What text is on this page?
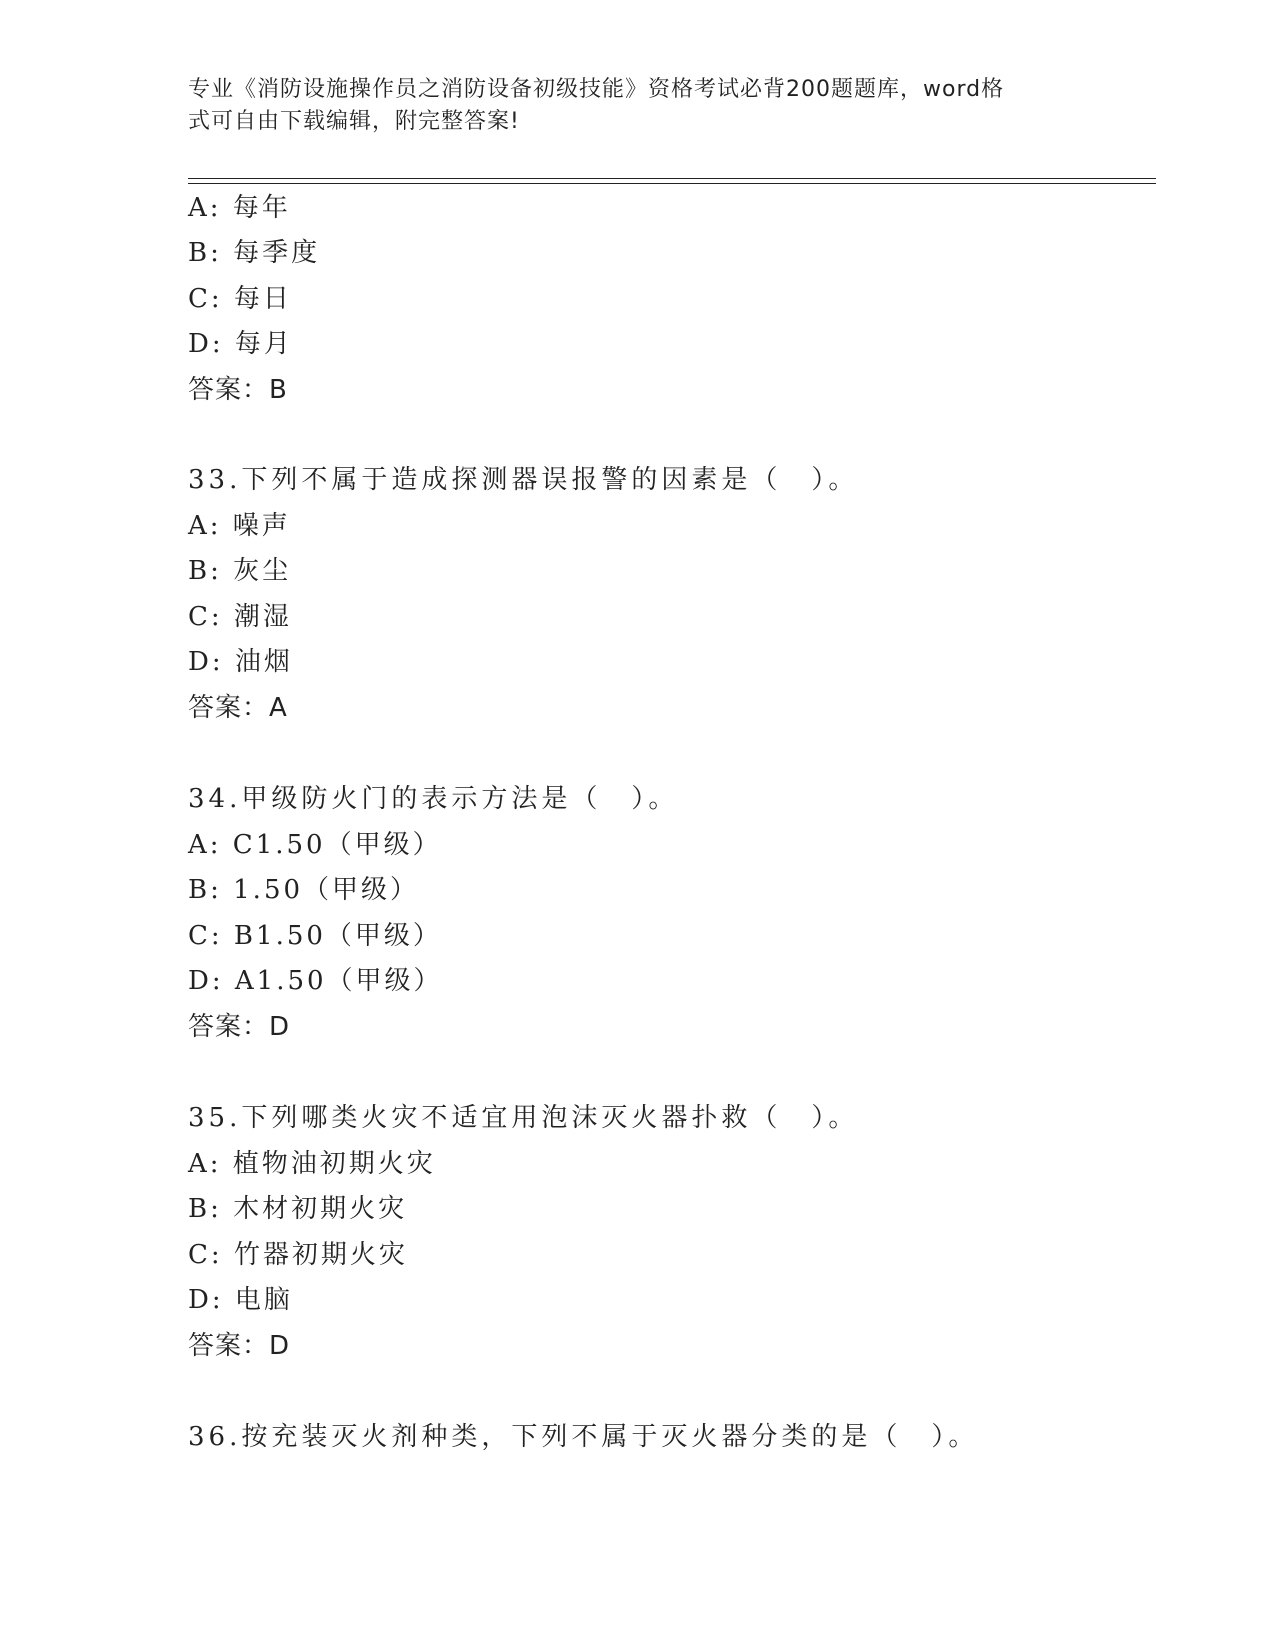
专业《消防设施操作员之消防设备初级技能》资格考试必背200题题库，word格
式可自由下载编辑，附完整答案!
A: 每年
B: 每季度
C: 每日
D: 每月
答案：B
33.下列不属于造成探测器误报警的因素是（　）。
A: 噪声
B: 灰尘
C: 潮湿
D: 油烟
答案：A
34.甲级防火门的表示方法是（　）。
A: C1.50（甲级）
B: 1.50（甲级）
C: B1.50（甲级）
D: A1.50（甲级）
答案：D
35.下列哪类火灾不适宜用泡沫灭火器扑救（　）。
A: 植物油初期火灾
B: 木材初期火灾
C: 竹器初期火灾
D: 电脑
答案：D
36.按充装灭火剂种类，下列不属于灭火器分类的是（　）。
